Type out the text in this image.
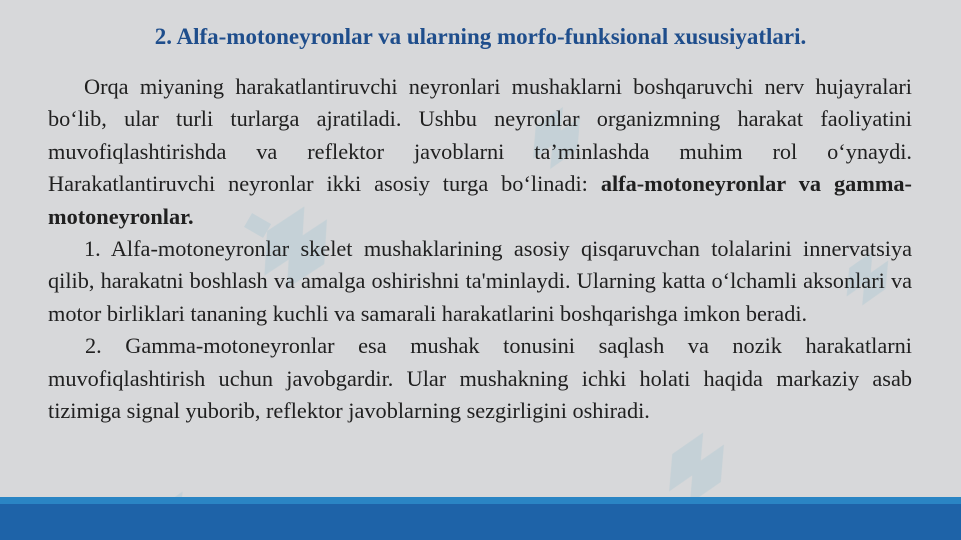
2. Alfa-motoneyronlar va ularning morfo-funksional xususiyatlari.

Orqa miyaning harakatlantiruvchi neyronlari mushaklarni boshqaruvchi nerv hujayralari bo‘lib, ular turli turlarga ajratiladi. Ushbu neyronlar organizmning harakat faoliyatini muvofiqlashtirishda va reflektor javoblarni ta’minlashda muhim rol o‘ynaydi. Harakatlantiruvchi neyronlar ikki asosiy turga bo‘linadi: alfa-motoneyronlar va gamma-motoneyronlar.

1. Alfa-motoneyronlar skelet mushaklarining asosiy qisqaruvchan tolalarini innervatsiya qilib, harakatni boshlash va amalga oshirishni ta'minlaydi. Ularning katta o‘lchamli aksonlari va motor birliklari tananing kuchli va samarali harakatlarini boshqarishga imkon beradi.

2. Gamma-motoneyronlar esa mushak tonusini saqlash va nozik harakatlarni muvofiqlashtirish uchun javobgardir. Ular mushakning ichki holati haqida markaziy asab tizimiga signal yuborib, reflektor javoblarning sezgirligini oshiradi.
